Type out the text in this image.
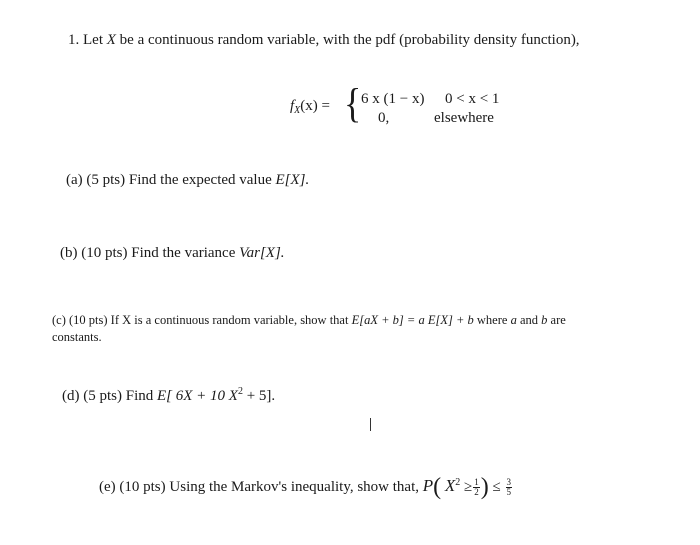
1. Let X be a continuous random variable, with the pdf (probability density function),
$f_X(x)$ = { 6 x (1 − x) 0 < x < 1
0,	elsewhere
(a) (5 pts) Find the expected value E[X].
(b) (10 pts) Find the variance Var[X].
(c) (10 pts) If X is a continuous random variable, show that E[aX + b] = a E[X] + b where a and b are
constants.
(d) (5 pts) Find E[ 6X + 10 $X^2 + 5$].
(e) (10 pts) Using the Markov's inequality, show that, P( $X^2 \ge \frac{1}{2}$ ) ≤ $\frac{3}{5}$
